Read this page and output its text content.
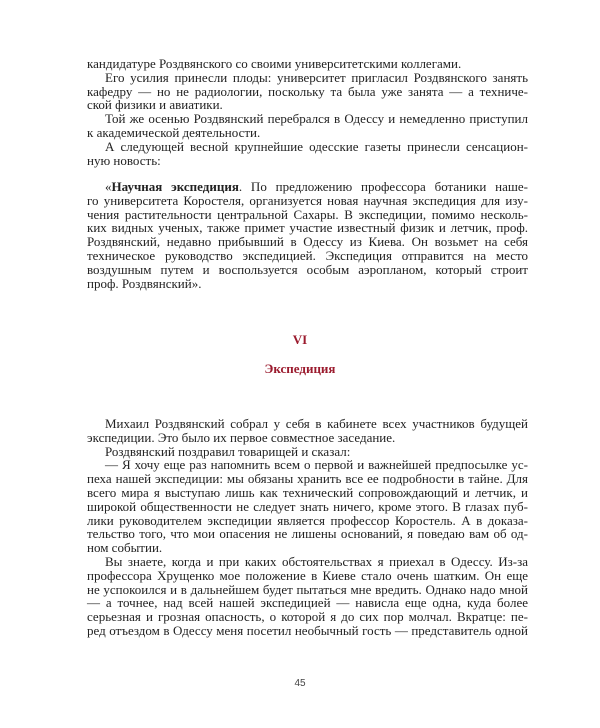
кандидатуре Роздвянского со своими университетскими коллегами.
Его усилия принесли плоды: университет пригласил Роздвянского занять
кафедру — но не радиологии, поскольку та была уже занята — а техниче-
ской физики и авиатики.
Той же осенью Роздвянский перебрался в Одессу и немедленно приступил
к академической деятельности.
А следующей весной крупнейшие одесские газеты принесли сенсацион-
ную новость:
«Научная экспедиция. По предложению профессора ботаники наше-
го университета Коростеля, организуется новая научная экспедиция для изу-
чения растительности центральной Сахары. В экспедиции, помимо несколь-
ких видных ученых, также примет участие известный физик и летчик, проф.
Роздвянский, недавно прибывший в Одессу из Киева. Он возьмет на себя
техническое руководство экспедицией. Экспедиция отправится на место
воздушным путем и воспользуется особым аэропланом, который строит
проф. Роздвянский».
VI
Экспедиция
Михаил Роздвянский собрал у себя в кабинете всех участников будущей
экспедиции. Это было их первое совместное заседание.
Роздвянский поздравил товарищей и сказал:
— Я хочу еще раз напомнить всем о первой и важнейшей предпосылке ус-
пеха нашей экспедиции: мы обязаны хранить все ее подробности в тайне. Для
всего мира я выступаю лишь как технический сопровождающий и летчик, и
широкой общественности не следует знать ничего, кроме этого. В глазах пуб-
лики руководителем экспедиции является профессор Коростель. А в доказа-
тельство того, что мои опасения не лишены оснований, я поведаю вам об од-
ном событии.
Вы знаете, когда и при каких обстоятельствах я приехал в Одессу. Из-за
профессора Хрущенко мое положение в Киеве стало очень шатким. Он еще
не успокоился и в дальнейшем будет пытаться мне вредить. Однако надо мной
— а точнее, над всей нашей экспедицией — нависла еще одна, куда более
серьезная и грозная опасность, о которой я до сих пор молчал. Вкратце: пе-
ред отъездом в Одессу меня посетил необычный гость — представитель одной
45
